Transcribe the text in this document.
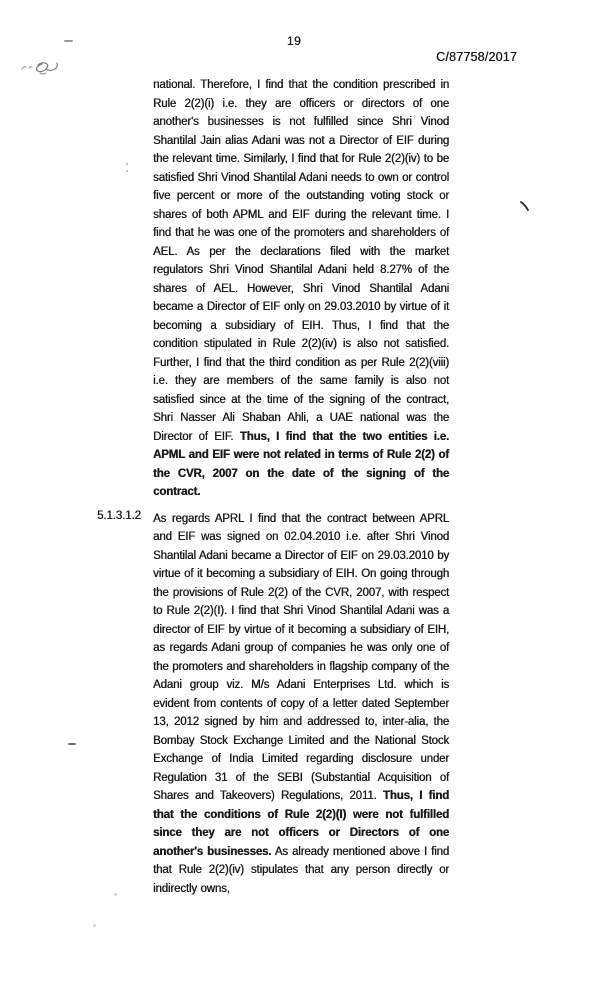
19
C/87758/2017

national. Therefore, I find that the condition prescribed in Rule 2(2)(i) i.e. they are officers or directors of one another's businesses is not fulfilled since Shri Vinod Shantilal Jain alias Adani was not a Director of EIF during the relevant time. Similarly, I find that for Rule 2(2)(iv) to be satisfied Shri Vinod Shantilal Adani needs to own or control five percent or more of the outstanding voting stock or shares of both APML and EIF during the relevant time. I find that he was one of the promoters and shareholders of AEL. As per the declarations filed with the market regulators Shri Vinod Shantilal Adani held 8.27% of the shares of AEL. However, Shri Vinod Shantilal Adani became a Director of EIF only on 29.03.2010 by virtue of it becoming a subsidiary of EIH. Thus, I find that the condition stipulated in Rule 2(2)(iv) is also not satisfied. Further, I find that the third condition as per Rule 2(2)(viii) i.e. they are members of the same family is also not satisfied since at the time of the signing of the contract, Shri Nasser Ali Shaban Ahli, a UAE national was the Director of EIF. Thus, I find that the two entities i.e. APML and EIF were not related in terms of Rule 2(2) of the CVR, 2007 on the date of the signing of the contract.

5.1.3.1.2 As regards APRL I find that the contract between APRL and EIF was signed on 02.04.2010 i.e. after Shri Vinod Shantilal Adani became a Director of EIF on 29.03.2010 by virtue of it becoming a subsidiary of EIH. On going through the provisions of Rule 2(2) of the CVR, 2007, with respect to Rule 2(2)(I). I find that Shri Vinod Shantilal Adani was a director of EIF by virtue of it becoming a subsidiary of EIH, as regards Adani group of companies he was only one of the promoters and shareholders in flagship company of the Adani group viz. M/s Adani Enterprises Ltd. which is evident from contents of copy of a letter dated September 13, 2012 signed by him and addressed to, inter-alia, the Bombay Stock Exchange Limited and the National Stock Exchange of India Limited regarding disclosure under Regulation 31 of the SEBI (Substantial Acquisition of Shares and Takeovers) Regulations, 2011. Thus, I find that the conditions of Rule 2(2)(I) were not fulfilled since they are not officers or Directors of one another's businesses. As already mentioned above I find that Rule 2(2)(iv) stipulates that any person directly or indirectly owns,
